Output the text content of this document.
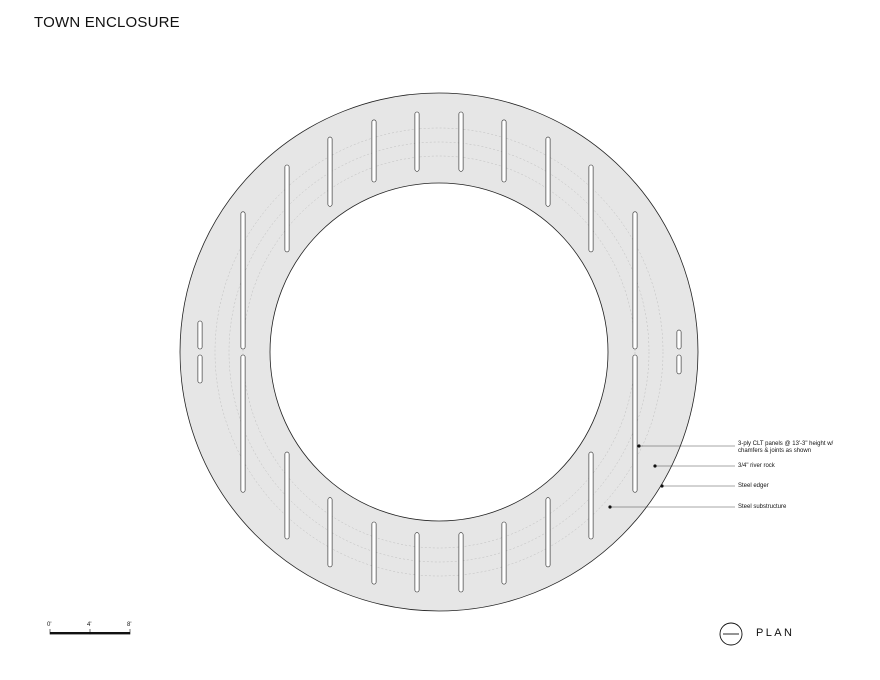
TOWN ENCLOSURE
3-ply CLT panels @ 13'-3" height w/
chamfers & joints as shown
3/4" river rock
Steel edger
Steel substructure
0'	4'	8'
PLAN
